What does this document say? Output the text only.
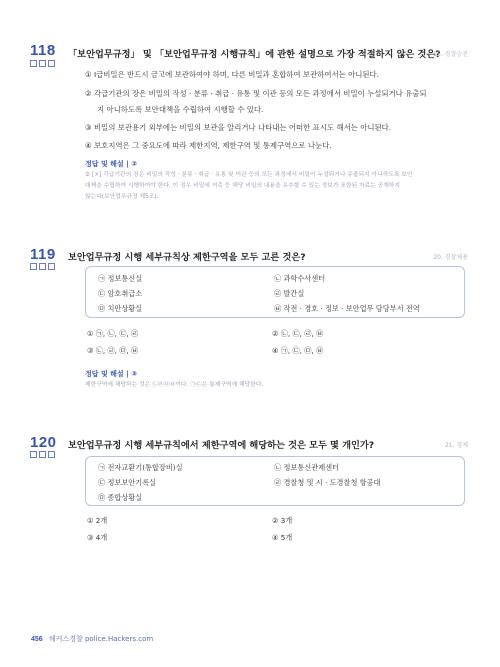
118 「보안업무규정」 및 「보안업무규정 시행규칙」에 관한 설명으로 가장 적절하지 않은 것은?
25. 경찰승진
① I급비밀은 반드시 금고에 보관하여야 하며, 다른 비밀과 혼합하여 보관하여서는 아니된다.
② 각급기관의 장은 비밀의 작성 · 분류 · 취급 · 유통 및 이관 등의 모든 과정에서 비밀이 누설되거나 유출되
지 아니하도록 보안대책을 수립하여 시행할 수 있다.
③ 비밀의 보관용기 외부에는 비밀의 보관을 알리거나 나타내는 어떠한 표시도 해서는 아니된다.
④ 보호지역은 그 중요도에 따라 제한지역, 제한구역 및 통제구역으로 나눈다.
정답 및 해설 | ②
② [×] 각급기관의 장은 비밀의 작성 · 분류 · 취급 · 유통 및 이관 등의 모든 과정에서 비밀이 누설되거나 유출되지 아니하도록 보안
대책을 수립하여 시행하여야 한다. 이 경우 비밀에 저촉 등 해당 비밀의 내용을 유추할 수 있는 정보가 포함된 자료는 공개하지
않는다(보안업무규정 제5조).
119 보안업무규정 시행 세부규칙상 제한구역을 모두 고른 것은?	20. 경찰채용
㉠ 정보통신실
㉢ 암호취급소
㉤ 치안상황실
㉡ 과학수사센터
㉣ 발간실
㉥ 작전 · 경호 · 정보 · 보안업무 담당부서 전역
① ㉠, ㉡, ㉢, ㉣	② ㉡, ㉢, ㉣, ㉥
③ ㉡, ㉣, ㉤, ㉥	④ ㉠, ㉢, ㉤, ㉥
정답 및 해설 | ③
제한구역에 해당하는 것은 ㉡㉣㉤㉥이다. ㉠㉢은 통제구역에 해당한다.
120 보안업무규정 시행 세부규칙에서 제한구역에 해당하는 것은 모두 몇 개인가?	21. 경채
㉠ 전자교환기(통합장비)실
㉢ 정보보안기록실
㉤ 종합상황실
㉡ 정보통신관제센터
㉣ 경찰청 및 시 · 도경찰청 항공대
① 2개	② 3개
③ 4개	④ 5개
456 해커스경찰 police.Hackers.com
